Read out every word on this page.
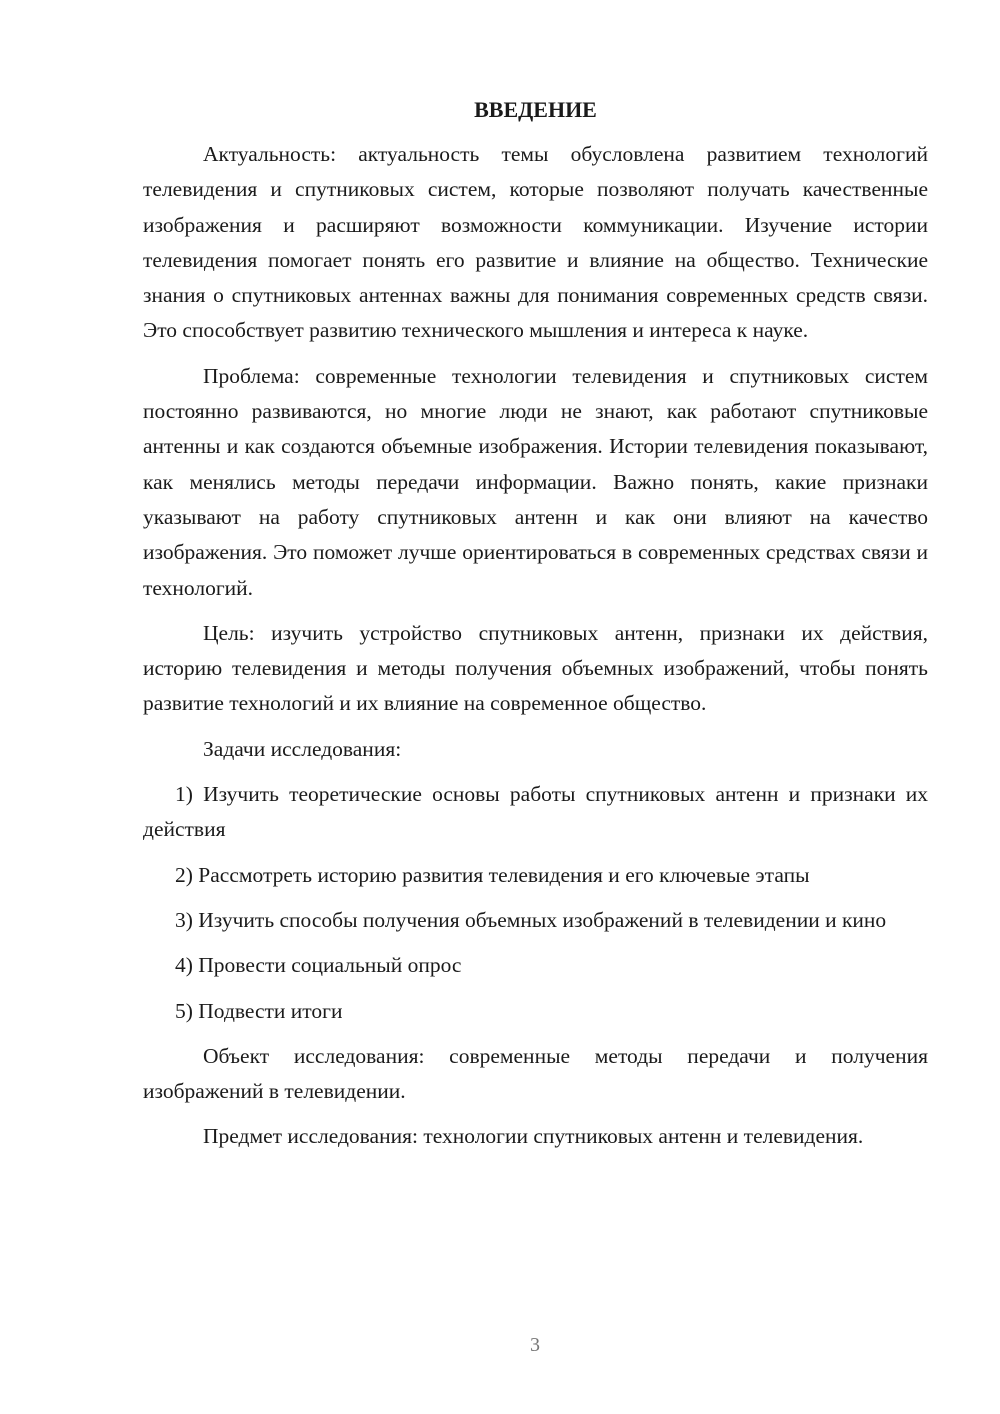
ВВЕДЕНИЕ

Актуальность: актуальность темы обусловлена развитием технологий телевидения и спутниковых систем, которые позволяют получать качественные изображения и расширяют возможности коммуникации. Изучение истории телевидения помогает понять его развитие и влияние на общество. Технические знания о спутниковых антеннах важны для понимания современных средств связи. Это способствует развитию технического мышления и интереса к науке.

Проблема: современные технологии телевидения и спутниковых систем постоянно развиваются, но многие люди не знают, как работают спутниковые антенны и как создаются объемные изображения. Истории телевидения показывают, как менялись методы передачи информации. Важно понять, какие признаки указывают на работу спутниковых антенн и как они влияют на качество изображения. Это поможет лучше ориентироваться в современных средствах связи и технологий.

Цель: изучить устройство спутниковых антенн, признаки их действия, историю телевидения и методы получения объемных изображений, чтобы понять развитие технологий и их влияние на современное общество.

Задачи исследования:

1) Изучить теоретические основы работы спутниковых антенн и признаки их действия

2) Рассмотреть историю развития телевидения и его ключевые этапы

3) Изучить способы получения объемных изображений в телевидении и кино

4) Провести социальный опрос

5) Подвести итоги

Объект исследования: современные методы передачи и получения изображений в телевидении.

Предмет исследования: технологии спутниковых антенн и телевидения.

3
